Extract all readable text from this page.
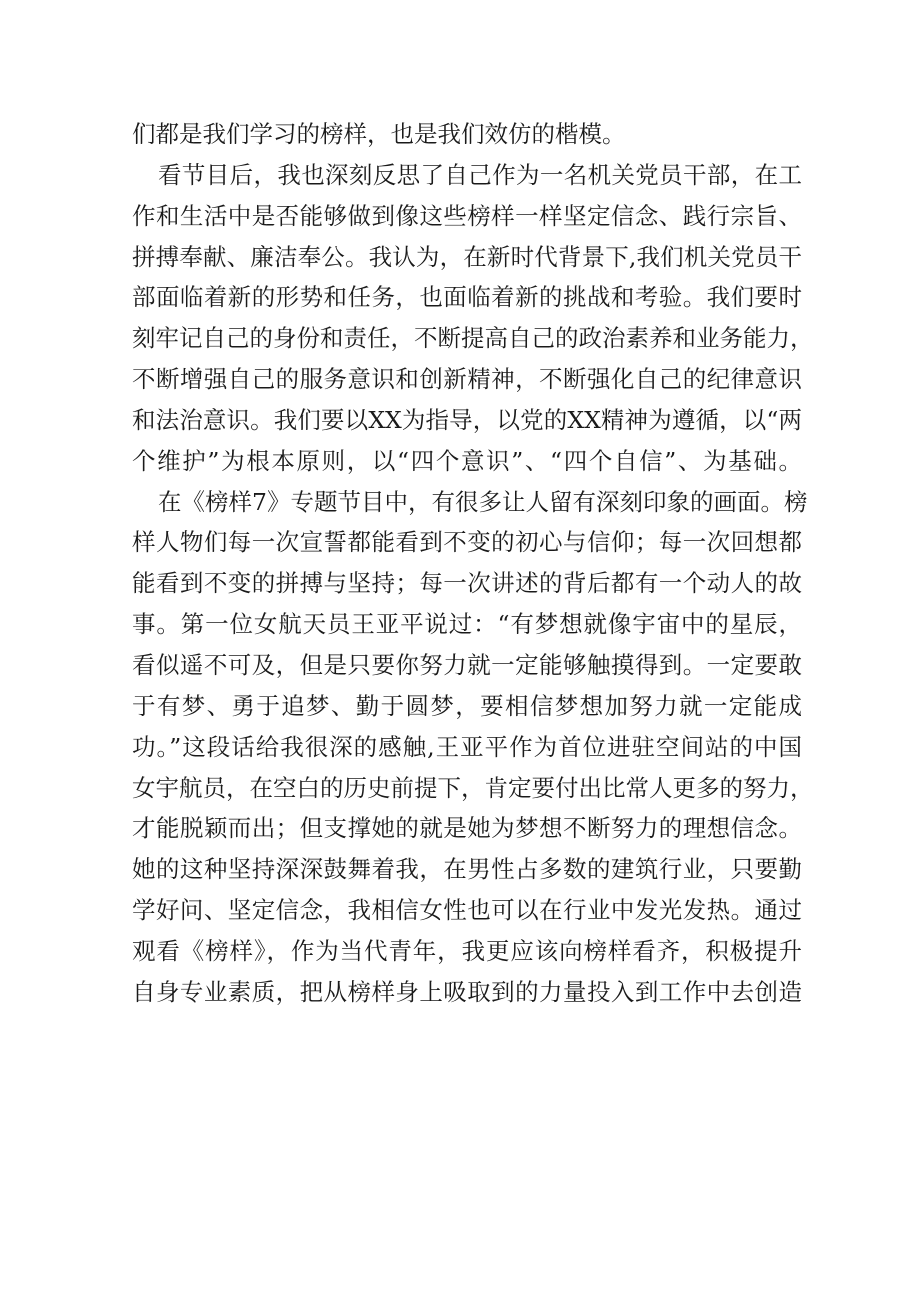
们都是我们学习的榜样，也是我们效仿的楷模。
看节目后，我也深刻反思了自己作为一名机关党员干部，在工
作和生活中是否能够做到像这些榜样一样坚定信念、践行宗旨、
拼搏奉献、廉洁奉公。我认为，在新时代背景下,我们机关党员干
部面临着新的形势和任务，也面临着新的挑战和考验。我们要时
刻牢记自己的身份和责任，不断提高自己的政治素养和业务能力，
不断增强自己的服务意识和创新精神，不断强化自己的纪律意识
和法治意识。我们要以XX为指导，以党的XX精神为遵循，以“两
个维护”为根本原则，以“四个意识”、“四个自信”、为基础。
在《榜样7》专题节目中，有很多让人留有深刻印象的画面。榜
样人物们每一次宣誓都能看到不变的初心与信仰；每一次回想都
能看到不变的拼搏与坚持；每一次讲述的背后都有一个动人的故
事。第一位女航天员王亚平说过：“有梦想就像宇宙中的星辰，
看似遥不可及，但是只要你努力就一定能够触摸得到。一定要敢
于有梦、勇于追梦、勤于圆梦，要相信梦想加努力就一定能成
功。”这段话给我很深的感触,王亚平作为首位进驻空间站的中国
女宇航员，在空白的历史前提下，肯定要付出比常人更多的努力，
才能脱颖而出；但支撑她的就是她为梦想不断努力的理想信念。
她的这种坚持深深鼓舞着我，在男性占多数的建筑行业，只要勤
学好问、坚定信念，我相信女性也可以在行业中发光发热。通过
观看《榜样》，作为当代青年，我更应该向榜样看齐，积极提升
自身专业素质，把从榜样身上吸取到的力量投入到工作中去创造
